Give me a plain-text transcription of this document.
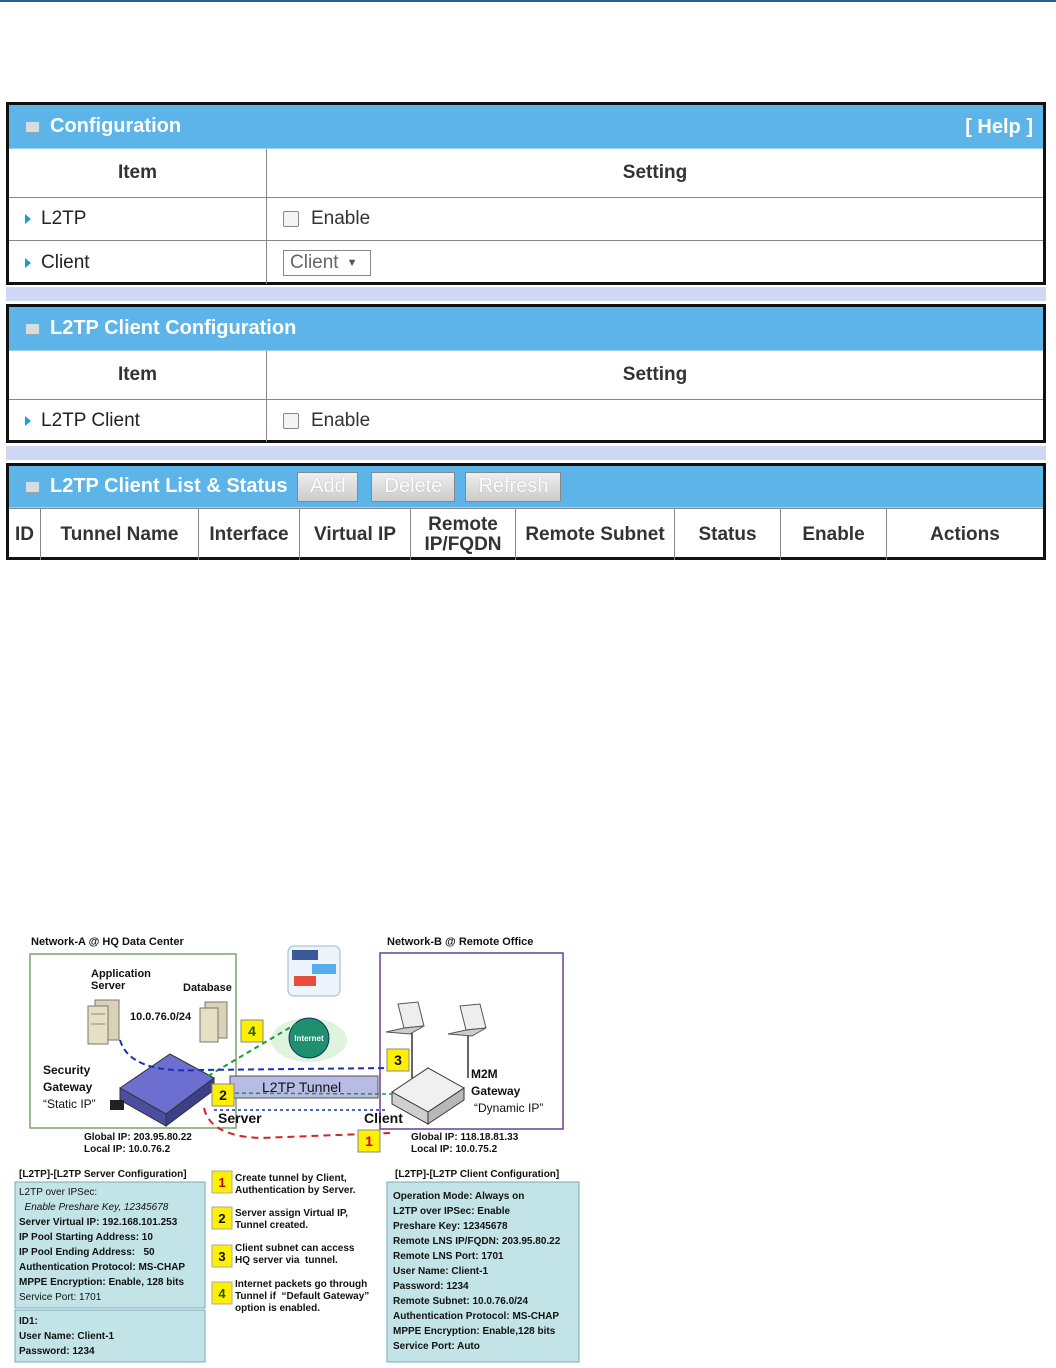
Configuration	[ Help ]
Item	Setting
L2TP	Enable
Client	Client ▼
L2TP Client Configuration
Item	Setting
L2TP Client	Enable
L2TP Client List & Status	Add	Delete	Refresh
ID	Tunnel Name	Interface	Virtual IP	Remote IP/FQDN	Remote Subnet	Status	Enable	Actions
Network-A @ HQ Data Center	Network-B @ Remote Office
Application
Server	Database
10.0.76.0/24
Security
Gateway
“Static IP”
M2M
Gateway
“Dynamic IP”
Internet
L2TP Tunnel
Server	Client
4
3
2
1
Global IP: 203.95.80.22
Local IP: 10.0.76.2
Global IP: 118.18.81.33
Local IP: 10.0.75.2
[L2TP]-[L2TP Server Configuration]	[L2TP]-[L2TP Client Configuration]
L2TP over IPSec:
Enable Preshare Key, 12345678
Server Virtual IP: 192.168.101.253
IP Pool Starting Address: 10
IP Pool Ending Address:   50
Authentication Protocol: MS-CHAP
MPPE Encryption: Enable, 128 bits
Service Port: 1701
ID1:
User Name: Client-1
Password: 1234
1 Create tunnel by Client,
Authentication by Server.
2 Server assign Virtual IP,
Tunnel created.
3
Client subnet can access
HQ server via  tunnel.
4
Internet packets go through
Tunnel if  “Default Gateway”
option is enabled.
Operation Mode: Always on
L2TP over IPSec: Enable
Preshare Key: 12345678
Remote LNS IP/FQDN: 203.95.80.22
Remote LNS Port: 1701
User Name: Client-1
Password: 1234
Remote Subnet: 10.0.76.0/24
Authentication Protocol: MS-CHAP
MPPE Encryption: Enable,128 bits
Service Port: Auto
